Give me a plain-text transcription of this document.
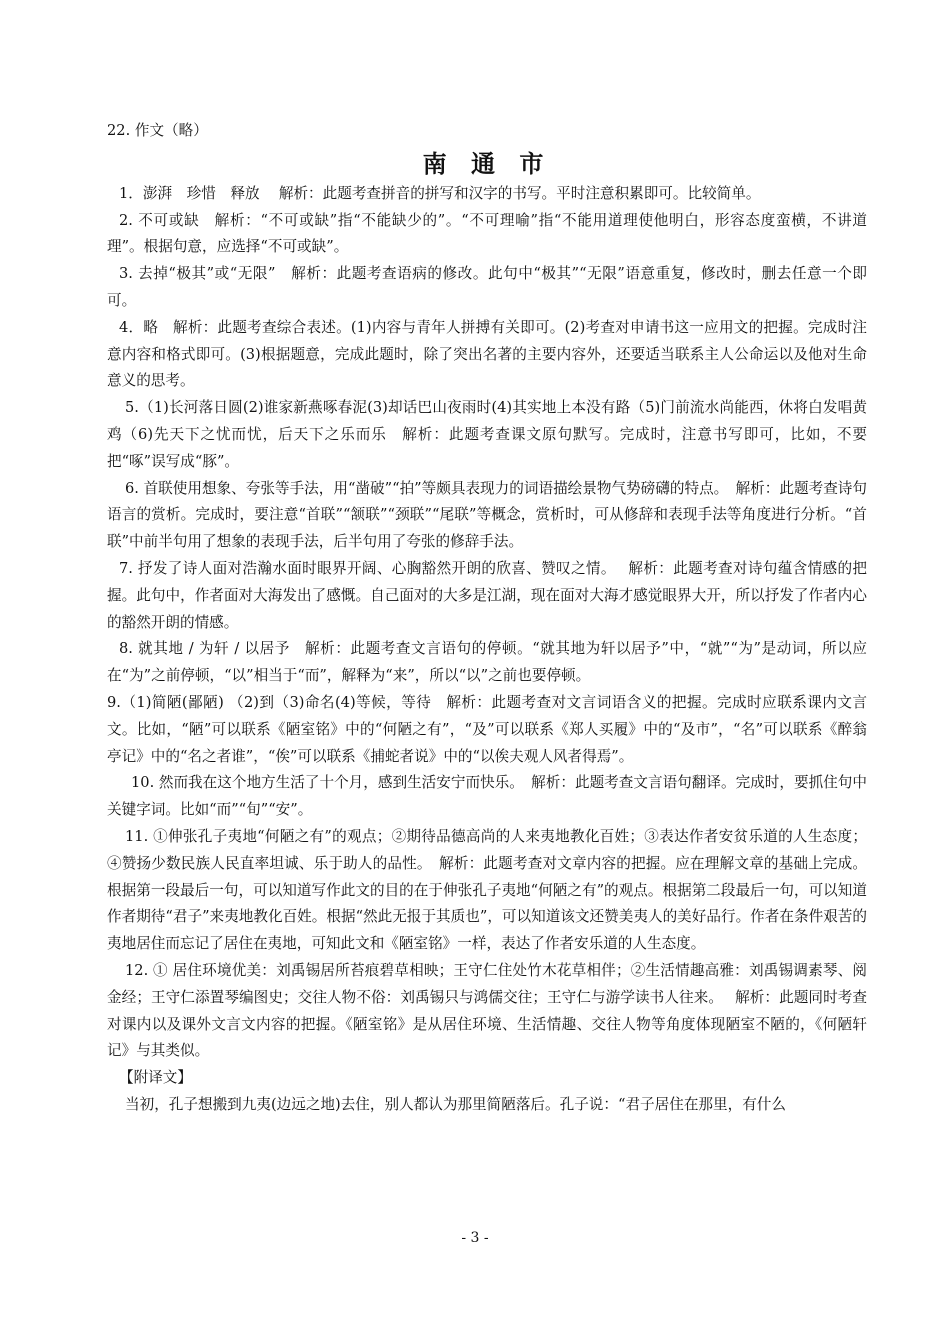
22. 作文（略）

南 通 市

1．澎湃　珍惜　释放　 解析：此题考查拼音的拼写和汉字的书写。平时注意积累即可。比较简单。

2. 不可或缺　解析：“不可或缺”指“不能缺少的”。“不可理喻”指“不能用道理使他明白，形容态度蛮横，不讲道理”。根据句意，应选择“不可或缺”。

3. 去掉“极其”或“无限”　解析：此题考查语病的修改。此句中“极其”“无限”语意重复，修改时，删去任意一个即可。

4．略　解析：此题考查综合表述。(1)内容与青年人拼搏有关即可。(2)考查对申请书这一应用文的把握。完成时注意内容和格式即可。(3)根据题意，完成此题时，除了突出名著的主要内容外，还要适当联系主人公命运以及他对生命意义的思考。

5.（1)长河落日圆(2)谁家新燕啄春泥(3)却话巴山夜雨时(4)其实地上本没有路（5)门前流水尚能西，休将白发唱黄鸡（6)先天下之忧而忧，后天下之乐而乐　解析：此题考查课文原句默写。完成时，注意书写即可，比如，不要把“啄”误写成“豚”。

6. 首联使用想象、夸张等手法，用“凿破”“拍”等颇具表现力的词语描绘景物气势磅礴的特点。　解析：此题考查诗句语言的赏析。完成时，要注意“首联”“颔联”“颈联”“尾联”等概念，赏析时，可从修辞和表现手法等角度进行分析。“首联”中前半句用了想象的表现手法，后半句用了夸张的修辞手法。

7. 抒发了诗人面对浩瀚水面时眼界开阔、心胸豁然开朗的欣喜、赞叹之情。　 解析：此题考查对诗句蕴含情感的把握。此句中，作者面对大海发出了感慨。自己面对的大多是江湖，现在面对大海才感觉眼界大开，所以抒发了作者内心的豁然开朗的情感。

8. 就其地 / 为轩 / 以居予　解析：此题考查文言语句的停顿。“就其地为轩以居予”中，“就”“为”是动词，所以应在“为”之前停顿，“以”相当于“而”，解释为“来”，所以“以”之前也要停顿。

9.（1)简陋(鄙陋) （2)到（3)命名(4)等候，等待　解析：此题考查对文言词语含义的把握。完成时应联系课内文言文。比如，“陋”可以联系《陋室铭》中的“何陋之有”，“及”可以联系《郑人买履》中的“及市”，“名”可以联系《醉翁亭记》中的“名之者谁”，“俟”可以联系《捕蛇者说》中的“以俟夫观人风者得焉”。

10. 然而我在这个地方生活了十个月，感到生活安宁而快乐。　解析：此题考查文言语句翻译。完成时，要抓住句中关键字词。比如“而”“旬”“安”。

11. ①伸张孔子夷地“何陋之有”的观点；②期待品德高尚的人来夷地教化百姓；③表达作者安贫乐道的人生态度；④赞扬少数民族人民直率坦诚、乐于助人的品性。　解析：此题考查对文章内容的把握。应在理解文章的基础上完成。根据第一段最后一句，可以知道写作此文的目的在于伸张孔子夷地“何陋之有”的观点。根据第二段最后一句，可以知道作者期待“君子”来夷地教化百姓。根据“然此无报于其质也”，可以知道该文还赞美夷人的美好品行。作者在条件艰苦的夷地居住而忘记了居住在夷地，可知此文和《陋室铭》一样，表达了作者安乐道的人生态度。

12. ① 居住环境优美：刘禹锡居所苔痕碧草相映；王守仁住处竹木花草相伴；②生活情趣高雅：刘禹锡调素琴、阅金经；王守仁添置琴编图史；交往人物不俗：刘禹锡只与鸿儒交往；王守仁与游学读书人往来。　 解析：此题同时考查对课内以及课外文言文内容的把握。《陋室铭》是从居住环境、生活情趣、交往人物等角度体现陋室不陋的，《何陋轩记》与其类似。

【附译文】

当初，孔子想搬到九夷(边远之地)去住，别人都认为那里简陋落后。孔子说：“君子居住在那里，有什么

- 3 -
